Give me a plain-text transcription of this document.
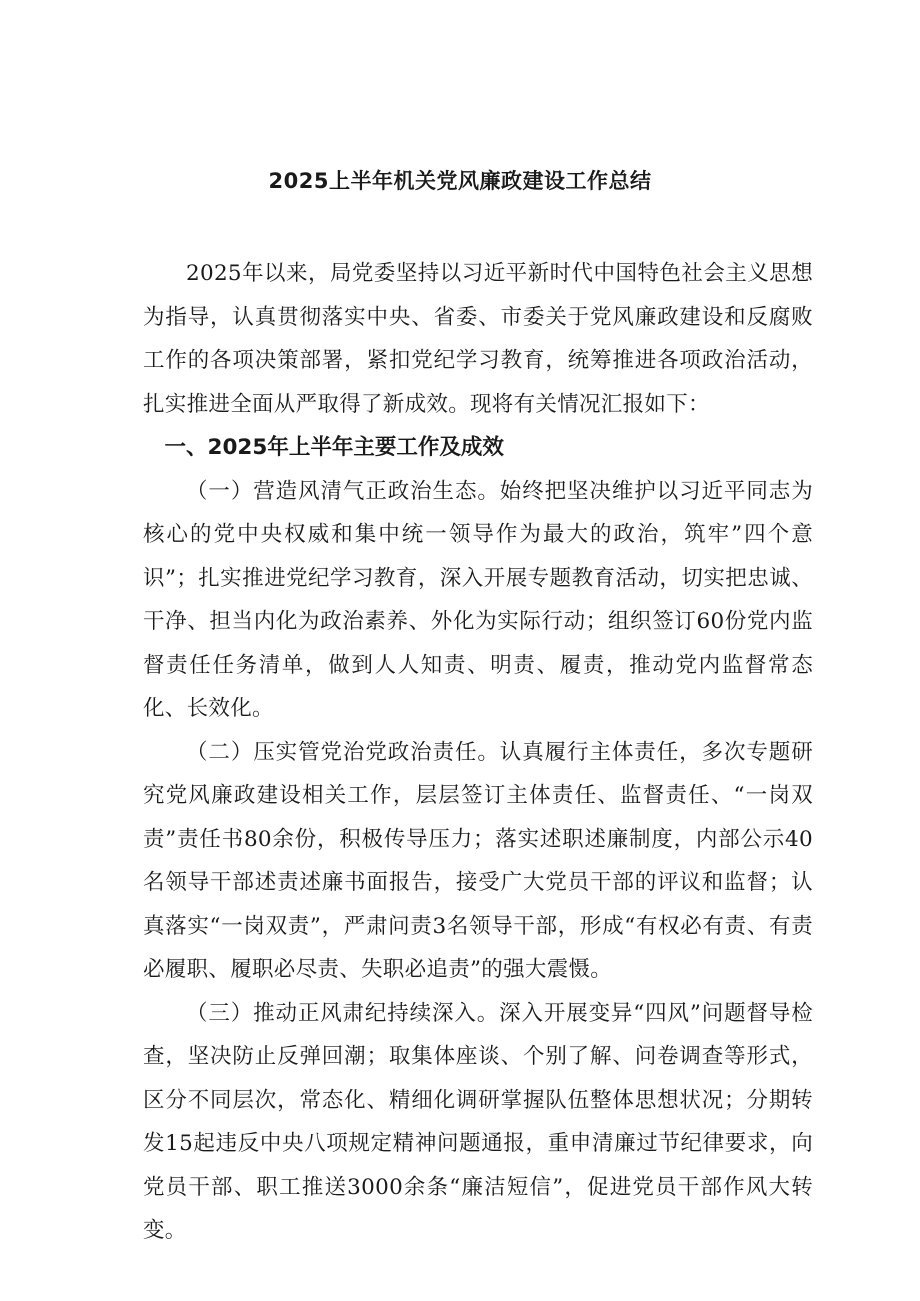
2025上半年机关党风廉政建设工作总结

2025年以来，局党委坚持以习近平新时代中国特色社会主义思想为指导，认真贯彻落实中央、省委、市委关于党风廉政建设和反腐败工作的各项决策部署，紧扣党纪学习教育，统筹推进各项政治活动，扎实推进全面从严取得了新成效。现将有关情况汇报如下：

一、2025年上半年主要工作及成效

（一）营造风清气正政治生态。始终把坚决维护以习近平同志为核心的党中央权威和集中统一领导作为最大的政治，筑牢”四个意识”；扎实推进党纪学习教育，深入开展专题教育活动，切实把忠诚、干净、担当内化为政治素养、外化为实际行动；组织签订60份党内监督责任任务清单，做到人人知责、明责、履责，推动党内监督常态化、长效化。

（二）压实管党治党政治责任。认真履行主体责任，多次专题研究党风廉政建设相关工作，层层签订主体责任、监督责任、“一岗双责”责任书80余份，积极传导压力；落实述职述廉制度，内部公示40名领导干部述责述廉书面报告，接受广大党员干部的评议和监督；认真落实“一岗双责”，严肃问责3名领导干部，形成“有权必有责、有责必履职、履职必尽责、失职必追责”的强大震慑。

（三）推动正风肃纪持续深入。深入开展变异“四风”问题督导检查，坚决防止反弹回潮；取集体座谈、个别了解、问卷调查等形式，区分不同层次，常态化、精细化调研掌握队伍整体思想状况；分期转发15起违反中央八项规定精神问题通报，重申清廉过节纪律要求，向党员干部、职工推送3000余条“廉洁短信”，促进党员干部作风大转变。
